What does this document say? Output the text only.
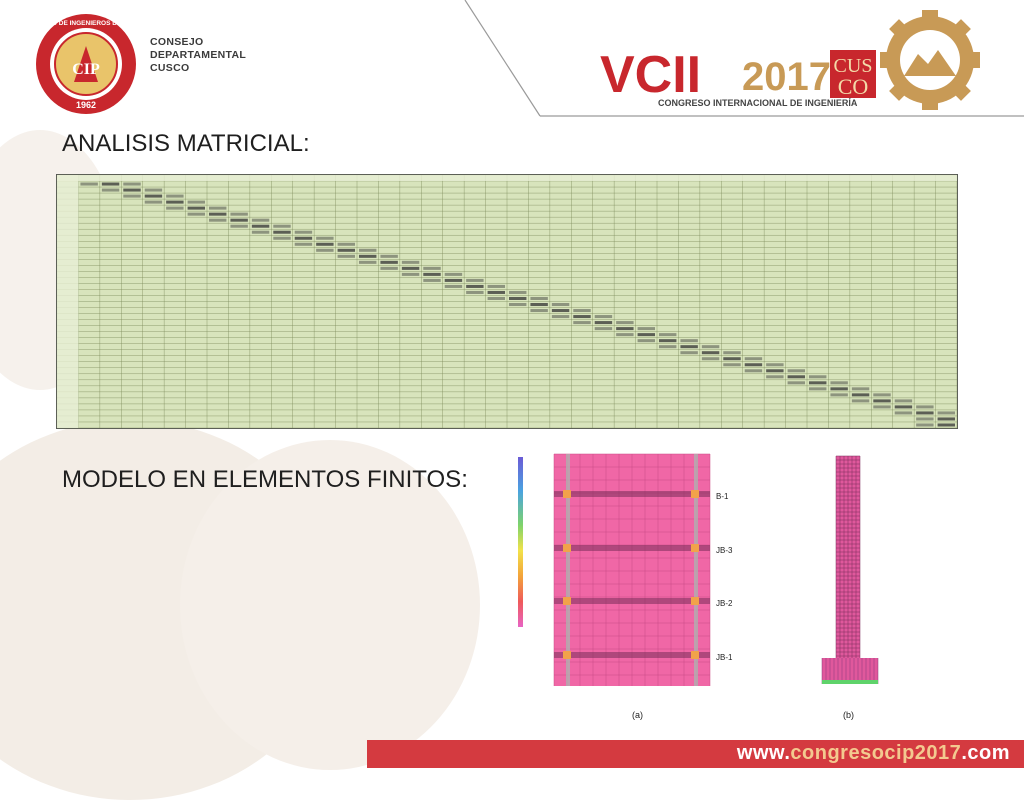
CIP
1962
COLEGIO DE INGENIEROS DEL PERU
CONSEJO
DEPARTAMENTAL
CUSCO	CUS
CO
VCII 2017
CONGRESO INTERNACIONAL DE INGENIERÍA
ANALISIS MATRICIAL:
MODELO EN ELEMENTOS FINITOS:
B-1
JB-3
JB-2
JB-1
(a)	(b)
www.congresocip2017.com
